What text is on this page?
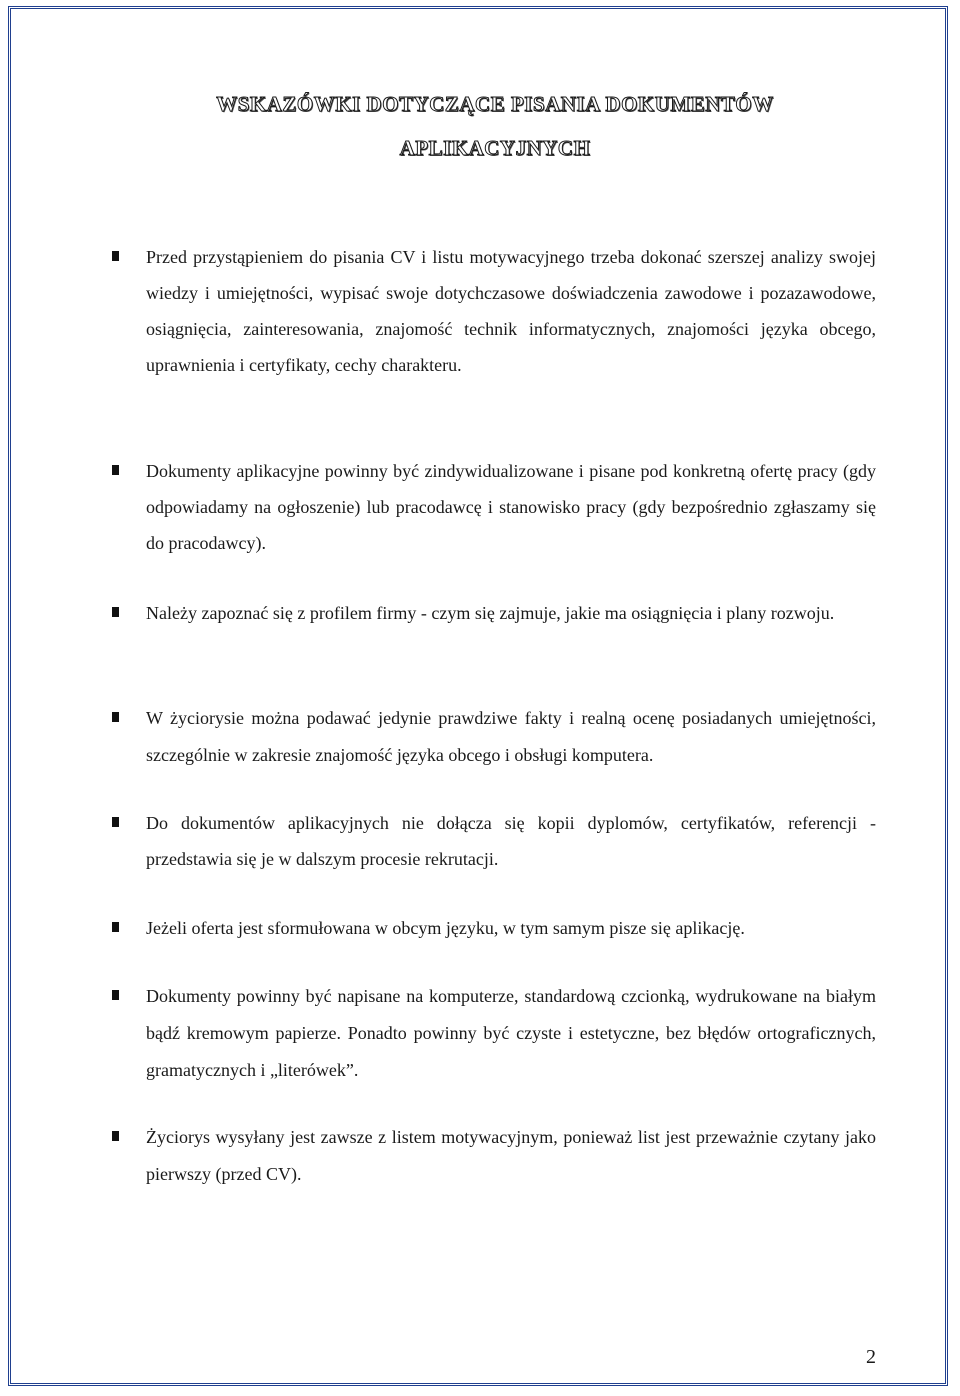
WSKAZÓWKI DOTYCZĄCE PISANIA DOKUMENTÓW
APLIKACYJNYCH

Przed przystąpieniem do pisania CV i listu motywacyjnego trzeba dokonać szerszej analizy swojej wiedzy i umiejętności, wypisać swoje dotychczasowe doświadczenia zawodowe i pozazawodowe, osiągnięcia, zainteresowania, znajomość technik informatycznych, znajomości języka obcego, uprawnienia i certyfikaty, cechy charakteru.

Dokumenty aplikacyjne powinny być zindywidualizowane i pisane pod konkretną ofertę pracy (gdy odpowiadamy na ogłoszenie) lub pracodawcę i stanowisko pracy (gdy bezpośrednio zgłaszamy się do pracodawcy).

Należy zapoznać się z profilem firmy - czym się zajmuje, jakie ma osiągnięcia i plany rozwoju.

W życiorysie można podawać jedynie prawdziwe fakty i realną ocenę posiadanych umiejętności, szczególnie w zakresie znajomość języka obcego i obsługi komputera.

Do dokumentów aplikacyjnych nie dołącza się kopii dyplomów, certyfikatów, referencji - przedstawia się je w dalszym procesie rekrutacji.

Jeżeli oferta jest sformułowana w obcym języku, w tym samym pisze się aplikację.

Dokumenty powinny być napisane na komputerze, standardową czcionką, wydrukowane na białym bądź kremowym papierze. Ponadto powinny być czyste i estetyczne, bez błędów ortograficznych, gramatycznych i „literówek”.

Życiorys wysyłany jest zawsze z listem motywacyjnym, ponieważ list jest przeważnie czytany jako pierwszy (przed CV).

2
